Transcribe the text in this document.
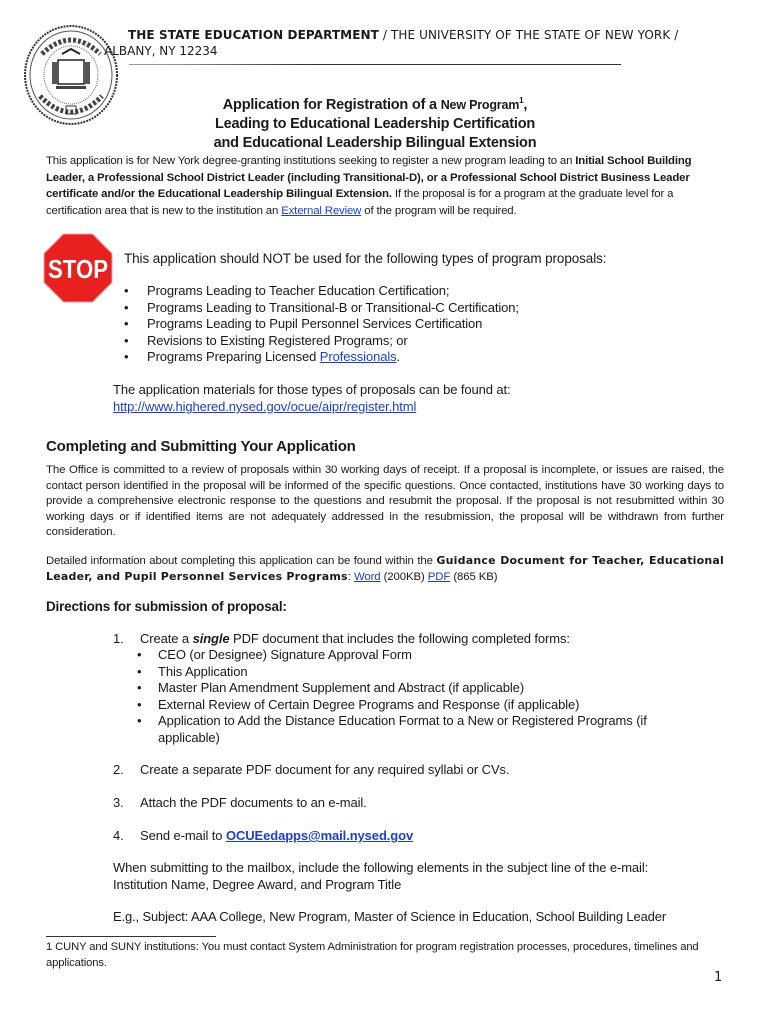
THE STATE EDUCATION DEPARTMENT / THE UNIVERSITY OF THE STATE OF NEW YORK /
ALBANY, NY 12234
Application for Registration of a New Program$^1$,
Leading to Educational Leadership Certification
and Educational Leadership Bilingual Extension
This application is for New York degree-granting institutions seeking to register a new program leading to an Initial School Building Leader, a Professional School District Leader (including Transitional-D), or a Professional School District Business Leader certificate and/or the Educational Leadership Bilingual Extension. If the proposal is for a program at the graduate level for a certification area that is new to the institution an External Review of the program will be required.
STOP This application should NOT be used for the following types of program proposals:
• Programs Leading to Teacher Education Certification;
• Programs Leading to Transitional-B or Transitional-C Certification;
• Programs Leading to Pupil Personnel Services Certification
• Revisions to Existing Registered Programs; or
• Programs Preparing Licensed Professionals.
The application materials for those types of proposals can be found at:
http://www.highered.nysed.gov/ocue/aipr/register.html
Completing and Submitting Your Application
The Office is committed to a review of proposals within 30 working days of receipt. If a proposal is incomplete, or issues are raised, the contact person identified in the proposal will be informed of the specific questions. Once contacted, institutions have 30 working days to provide a comprehensive electronic response to the questions and resubmit the proposal. If the proposal is not resubmitted within 30 working days or if identified items are not adequately addressed in the resubmission, the proposal will be withdrawn from further consideration.
Detailed information about completing this application can be found within the Guidance Document for Teacher, Educational Leader, and Pupil Personnel Services Programs: Word (200KB) PDF (865 KB)
Directions for submission of proposal:
1. Create a single PDF document that includes the following completed forms:
• CEO (or Designee) Signature Approval Form
• This Application
• Master Plan Amendment Supplement and Abstract (if applicable)
• External Review of Certain Degree Programs and Response (if applicable)
• Application to Add the Distance Education Format to a New or Registered Programs (if applicable)
2. Create a separate PDF document for any required syllabi or CVs.
3. Attach the PDF documents to an e-mail.
4. Send e-mail to OCUEedapps@mail.nysed.gov
When submitting to the mailbox, include the following elements in the subject line of the e-mail:
Institution Name, Degree Award, and Program Title
E.g., Subject: AAA College, New Program, Master of Science in Education, School Building Leader
1 CUNY and SUNY institutions: You must contact System Administration for program registration processes, procedures, timelines and applications.
1
